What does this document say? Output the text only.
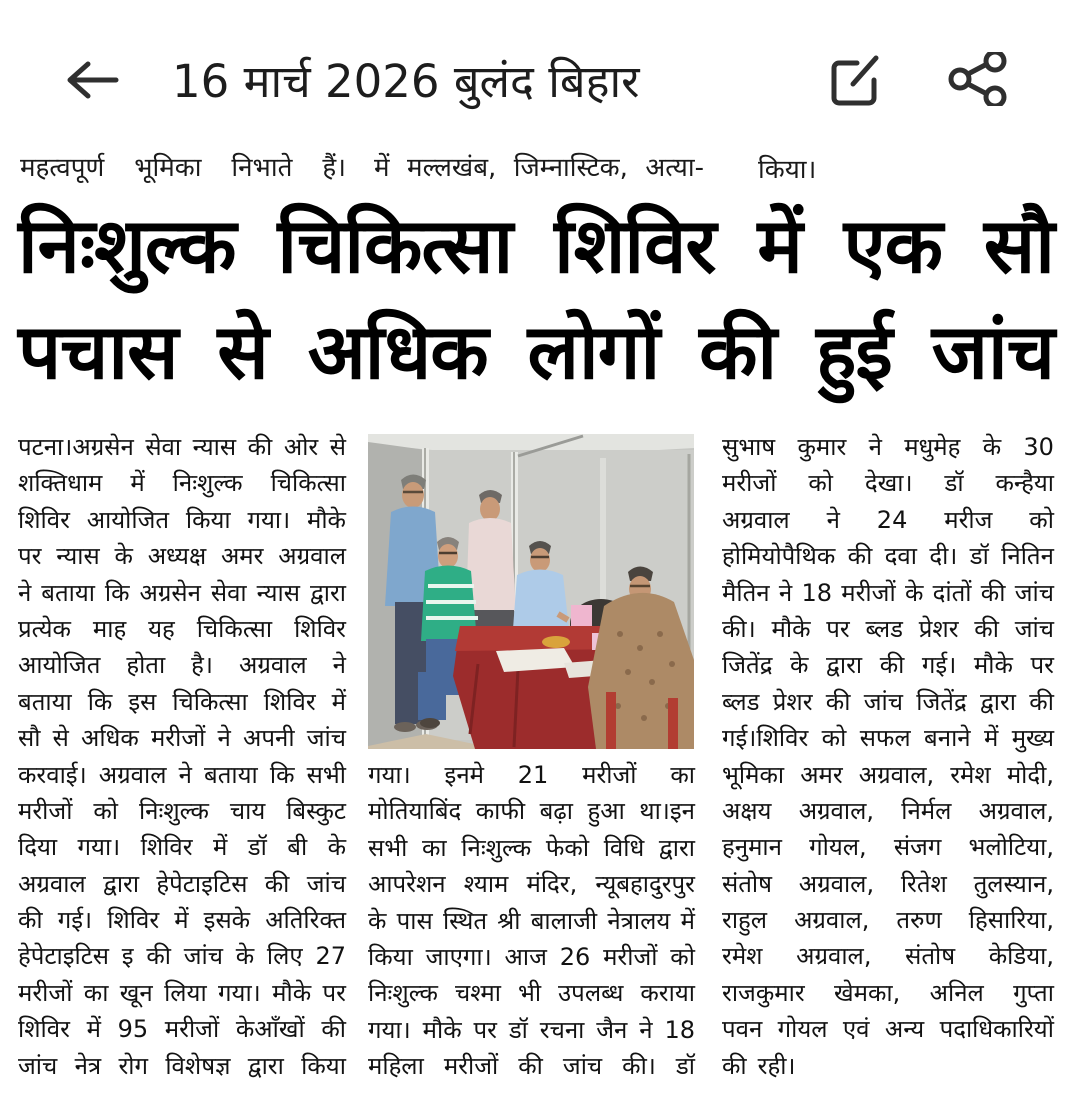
16 मार्च 2026 बुलंद बिहार
महत्वपूर्ण भूमिका निभाते हैं। में मल्लखंब, जिम्नास्टिक, अत्या- किया।
निःशुल्क चिकित्सा शिविर में एक सौ
पचास से अधिक लोगों की हुई जांच
पटना।अग्रसेन सेवा न्यास की ओर से
शक्तिधाम में निःशुल्क चिकित्सा
शिविर आयोजित किया गया। मौके
पर न्यास के अध्यक्ष अमर अग्रवाल
ने बताया कि अग्रसेन सेवा न्यास द्वारा
प्रत्येक माह यह चिकित्सा शिविर
आयोजित होता है। अग्रवाल ने
बताया कि इस चिकित्सा शिविर में
सौ से अधिक मरीजों ने अपनी जांच
करवाई। अग्रवाल ने बताया कि सभी
मरीजों को निःशुल्क चाय बिस्कुट
दिया गया। शिविर में डॉ बी के
अग्रवाल द्वारा हेपेटाइटिस की जांच
की गई। शिविर में इसके अतिरिक्त
हेपेटाइटिस इ की जांच के लिए 27
मरीजों का खून लिया गया। मौके पर
शिविर में 95 मरीजों केआँखों की
जांच नेत्र रोग विशेषज्ञ द्वारा किया
गया। इनमे 21 मरीजों का
मोतियाबिंद काफी बढ़ा हुआ था।इन
सभी का निःशुल्क फेको विधि द्वारा
आपरेशन श्याम मंदिर, न्यूबहादुरपुर
के पास स्थित श्री बालाजी नेत्रालय में
किया जाएगा। आज 26 मरीजों को
निःशुल्क चश्मा भी उपलब्ध कराया
गया। मौके पर डॉ रचना जैन ने 18
महिला मरीजों की जांच की। डॉ
सुभाष कुमार ने मधुमेह के 30
मरीजों को देखा। डॉ कन्हैया
अग्रवाल ने 24 मरीज को
होमियोपैथिक की दवा दी। डॉ नितिन
मैतिन ने 18 मरीजों के दांतों की जांच
की। मौके पर ब्लड प्रेशर की जांच
जितेंद्र के द्वारा की गई। मौके पर
ब्लड प्रेशर की जांच जितेंद्र द्वारा की
गई।शिविर को सफल बनाने में मुख्य
भूमिका अमर अग्रवाल, रमेश मोदी,
अक्षय अग्रवाल, निर्मल अग्रवाल,
हनुमान गोयल, संजग भलोटिया,
संतोष अग्रवाल, रितेश तुलस्यान,
राहुल अग्रवाल, तरुण हिसारिया,
रमेश अग्रवाल, संतोष केडिया,
राजकुमार खेमका, अनिल गुप्ता
पवन गोयल एवं अन्य पदाधिकारियों
की रही।
